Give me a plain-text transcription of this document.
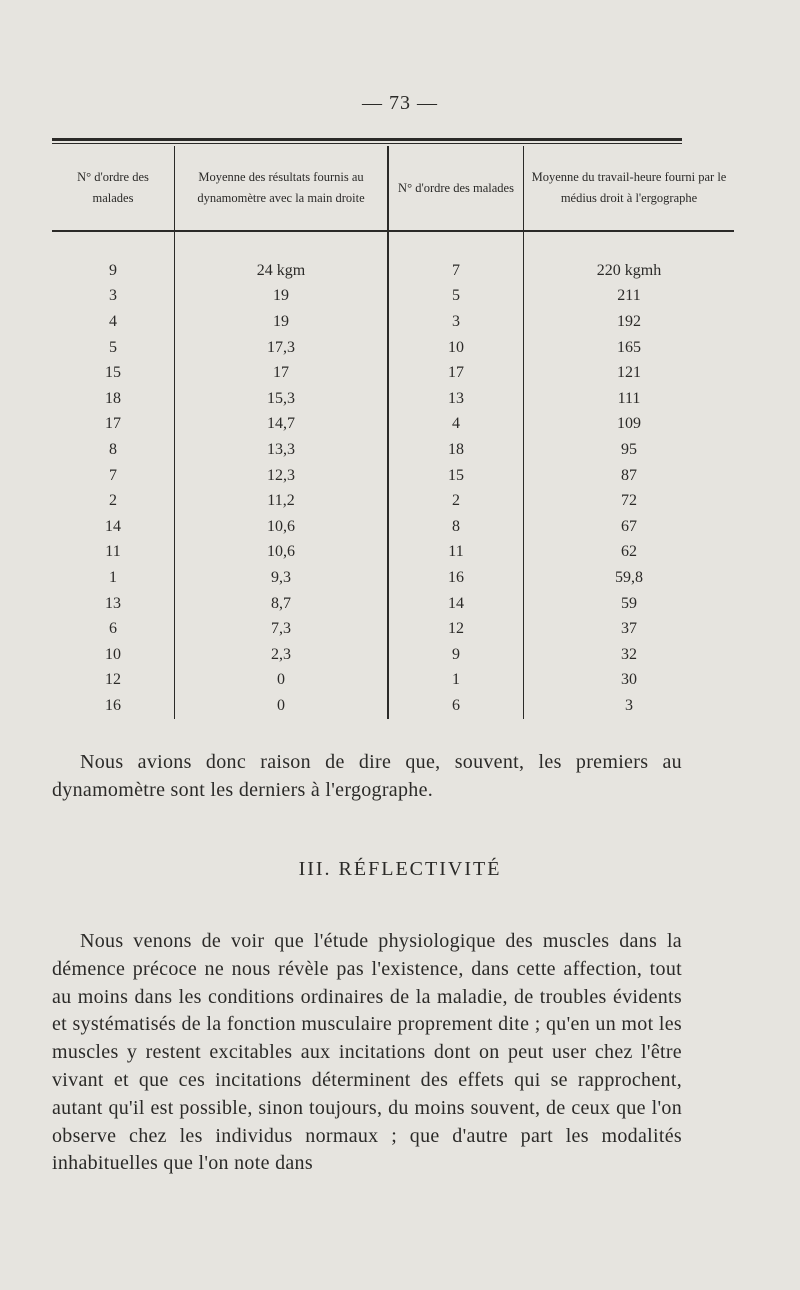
— 73 —
N° d'ordre des malades	Moyenne des résultats fournis au dynamomètre avec la main droite	N° d'ordre des malades	Moyenne du travail-heure fourni par le médius droit à l'ergographe

9	24 kgm	7	220 kgmh
3	19	5	211
4	19	3	192
5	17,3	10	165
15	17	17	121
18	15,3	13	111
17	14,7	4	109
8	13,3	18	95
7	12,3	15	87
2	11,2	2	72
14	10,6	8	67
11	10,6	11	62
1	9,3	16	59,8
13	8,7	14	59
6	7,3	12	37
10	2,3	9	32
12	0	1	30
16	0	6	3
Nous avions donc raison de dire que, souvent, les premiers au dynamomètre sont les derniers à l'ergographe.
III. RÉFLECTIVITÉ
Nous venons de voir que l'étude physiologique des muscles dans la démence précoce ne nous révèle pas l'existence, dans cette affection, tout au moins dans les conditions ordinaires de la maladie, de troubles évidents et systématisés de la fonction musculaire proprement dite ; qu'en un mot les muscles y restent excitables aux incitations dont on peut user chez l'être vivant et que ces incitations déterminent des effets qui se rapprochent, autant qu'il est possible, sinon toujours, du moins souvent, de ceux que l'on observe chez les individus normaux ; que d'autre part les modalités inhabituelles que l'on note dans
